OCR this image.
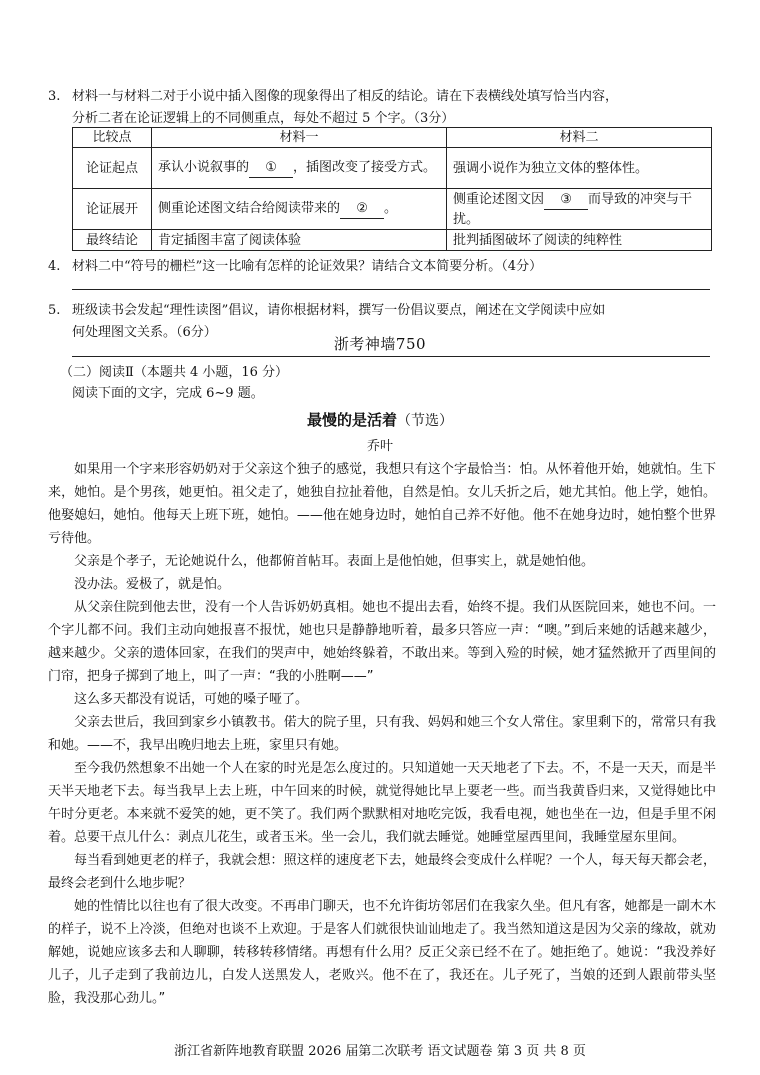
3. 材料一与材料二对于小说中插入图像的现象得出了相反的结论。请在下表横线处填写恰当内容，
分析二者在论证逻辑上的不同侧重点，每处不超过 5 个字。（3分）
比较点	材料一	材料二
论证起点	承认小说叙事的 ① ，插图改变了接受方式。	强调小说作为独立文体的整体性。
论证展开	侧重论述图文结合给阅读带来的 ② 。	侧重论述图文因 ③ 而导致的冲突与干扰。
最终结论	肯定插图丰富了阅读体验	批判插图破坏了阅读的纯粹性
4. 材料二中“符号的栅栏”这一比喻有怎样的论证效果？请结合文本简要分析。（4分）
5. 班级读书会发起“理性读图”倡议，请你根据材料，撰写一份倡议要点，阐述在文学阅读中应如
何处理图文关系。（6分）
浙考神墙750
（二）阅读Ⅱ（本题共 4 小题，16 分）
阅读下面的文字，完成 6~9 题。
最慢的是活着（节选）
乔叶

如果用一个字来形容奶奶对于父亲这个独子的感觉，我想只有这个字最恰当：怕。从怀着他开始，她就怕。生下来，她怕。是个男孩，她更怕。祖父走了，她独自拉扯着他，自然是怕。女儿夭折之后，她尤其怕。他上学，她怕。他娶媳妇，她怕。他每天上班下班，她怕。——他在她身边时，她怕自己养不好他。他不在她身边时，她怕整个世界亏待他。

父亲是个孝子，无论她说什么，他都俯首帖耳。表面上是他怕她，但事实上，就是她怕他。

没办法。爱极了，就是怕。

从父亲住院到他去世，没有一个人告诉奶奶真相。她也不提出去看，始终不提。我们从医院回来，她也不问。一个字儿都不问。我们主动向她报喜不报忧，她也只是静静地听着，最多只答应一声：“噢。”到后来她的话越来越少，越来越少。父亲的遗体回家，在我们的哭声中，她始终躲着，不敢出来。等到入殓的时候，她才猛然掀开了西里间的门帘，把身子掷到了地上，叫了一声：“我的小胜啊——”

这么多天都没有说话，可她的嗓子哑了。

父亲去世后，我回到家乡小镇教书。偌大的院子里，只有我、妈妈和她三个女人常住。家里剩下的，常常只有我和她。——不，我早出晚归地去上班，家里只有她。

至今我仍然想象不出她一个人在家的时光是怎么度过的。只知道她一天天地老了下去。不，不是一天天，而是半天半天地老下去。每当我早上去上班，中午回来的时候，就觉得她比早上要老一些。而当我黄昏归来，又觉得她比中午时分更老。本来就不爱笑的她，更不笑了。我们两个默默相对地吃完饭，我看电视，她也坐在一边，但是手里不闲着。总要干点儿什么：剥点儿花生，或者玉米。坐一会儿，我们就去睡觉。她睡堂屋西里间，我睡堂屋东里间。

每当看到她更老的样子，我就会想：照这样的速度老下去，她最终会变成什么样呢？一个人，每天每天都会老，最终会老到什么地步呢？

她的性情比以往也有了很大改变。不再串门聊天，也不允许街坊邻居们在我家久坐。但凡有客，她都是一副木木的样子，说不上冷淡，但绝对也谈不上欢迎。于是客人们就很快讪讪地走了。我当然知道这是因为父亲的缘故，就劝解她，说她应该多去和人聊聊，转移转移情绪。再想有什么用？反正父亲已经不在了。她拒绝了。她说：“我没养好儿子，儿子走到了我前边儿，白发人送黑发人，老败兴。他不在了，我还在。儿子死了，当娘的还到人跟前带头坚脸，我没那心劲儿。”

浙江省新阵地教育联盟 2026 届第二次联考 语文试题卷 第 3 页 共 8 页
